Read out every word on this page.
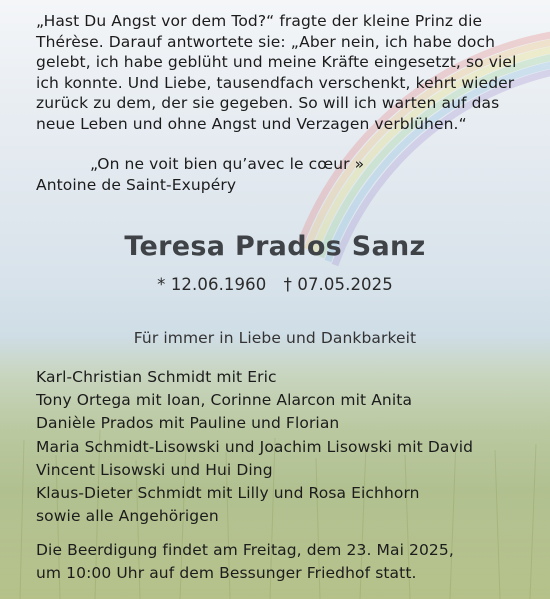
„Hast Du Angst vor dem Tod?“ fragte der kleine Prinz die

Thérèse. Darauf antwortete sie: „Aber nein, ich habe doch

gelebt, ich habe geblüht und meine Kräfte eingesetzt, so viel

ich konnte. Und Liebe, tausendfach verschenkt, kehrt wieder

zurück zu dem, der sie gegeben. So will ich warten auf das

neue Leben und ohne Angst und Verzagen verblühen.“

„On ne voit bien qu’avec le cœur »
Antoine de Saint-Exupéry
Teresa Prados Sanz
* 12.06.1960 † 07.05.2025
Für immer in Liebe und Dankbarkeit
Karl-Christian Schmidt mit Eric
Tony Ortega mit Ioan, Corinne Alarcon mit Anita
Danièle Prados mit Pauline und Florian
Maria Schmidt-Lisowski und Joachim Lisowski mit David
Vincent Lisowski und Hui Ding
Klaus-Dieter Schmidt mit Lilly und Rosa Eichhorn
sowie alle Angehörigen
Die Beerdigung findet am Freitag, dem 23. Mai 2025,
um 10:00 Uhr auf dem Bessunger Friedhof statt.
